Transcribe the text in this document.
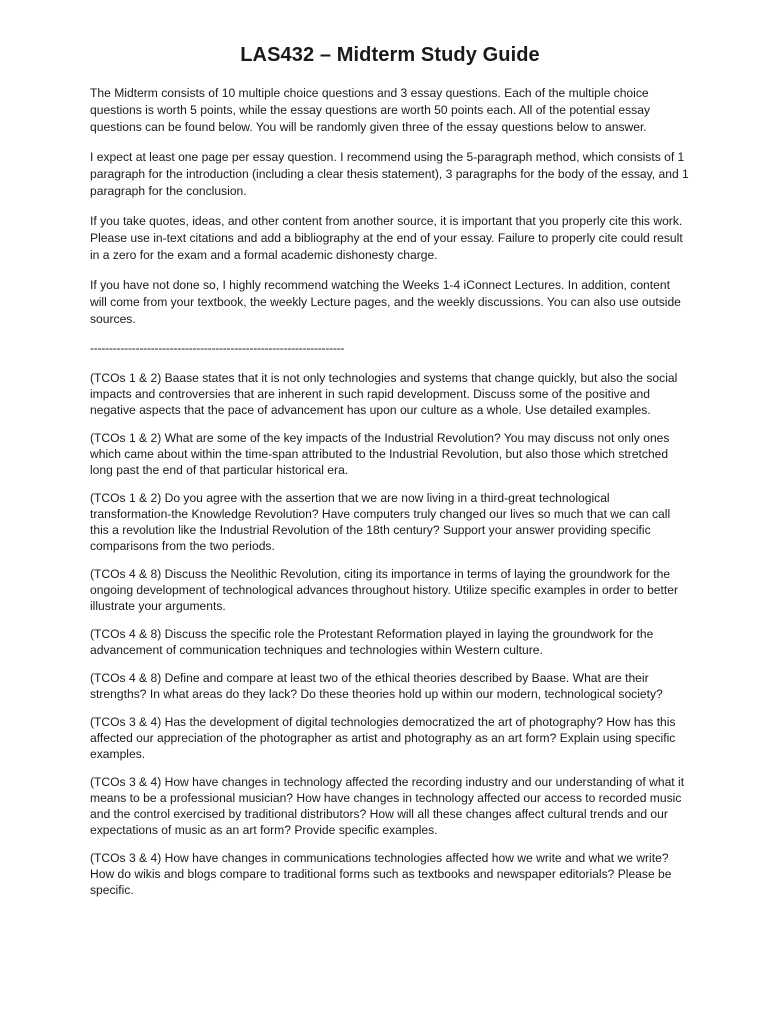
LAS432 – Midterm Study Guide

The Midterm consists of 10 multiple choice questions and 3 essay questions. Each of the multiple choice questions is worth 5 points, while the essay questions are worth 50 points each. All of the potential essay questions can be found below. You will be randomly given three of the essay questions below to answer.

I expect at least one page per essay question. I recommend using the 5-paragraph method, which consists of 1 paragraph for the introduction (including a clear thesis statement), 3 paragraphs for the body of the essay, and 1 paragraph for the conclusion.

If you take quotes, ideas, and other content from another source, it is important that you properly cite this work. Please use in-text citations and add a bibliography at the end of your essay. Failure to properly cite could result in a zero for the exam and a formal academic dishonesty charge.

If you have not done so, I highly recommend watching the Weeks 1-4 iConnect Lectures. In addition, content will come from your textbook, the weekly Lecture pages, and the weekly discussions. You can also use outside sources.

-------------------------------------------------------------------

(TCOs 1 & 2) Baase states that it is not only technologies and systems that change quickly, but also the social impacts and controversies that are inherent in such rapid development. Discuss some of the positive and negative aspects that the pace of advancement has upon our culture as a whole. Use detailed examples.

(TCOs 1 & 2) What are some of the key impacts of the Industrial Revolution? You may discuss not only ones which came about within the time-span attributed to the Industrial Revolution, but also those which stretched long past the end of that particular historical era.

(TCOs 1 & 2) Do you agree with the assertion that we are now living in a third-great technological transformation-the Knowledge Revolution? Have computers truly changed our lives so much that we can call this a revolution like the Industrial Revolution of the 18th century? Support your answer providing specific comparisons from the two periods.

(TCOs 4 & 8) Discuss the Neolithic Revolution, citing its importance in terms of laying the groundwork for the ongoing development of technological advances throughout history. Utilize specific examples in order to better illustrate your arguments.

(TCOs 4 & 8) Discuss the specific role the Protestant Reformation played in laying the groundwork for the advancement of communication techniques and technologies within Western culture.

(TCOs 4 & 8) Define and compare at least two of the ethical theories described by Baase. What are their strengths? In what areas do they lack? Do these theories hold up within our modern, technological society?

(TCOs 3 & 4) Has the development of digital technologies democratized the art of photography? How has this affected our appreciation of the photographer as artist and photography as an art form? Explain using specific examples.

(TCOs 3 & 4) How have changes in technology affected the recording industry and our understanding of what it means to be a professional musician? How have changes in technology affected our access to recorded music and the control exercised by traditional distributors? How will all these changes affect cultural trends and our expectations of music as an art form? Provide specific examples.

(TCOs 3 & 4) How have changes in communications technologies affected how we write and what we write? How do wikis and blogs compare to traditional forms such as textbooks and newspaper editorials? Please be specific.
